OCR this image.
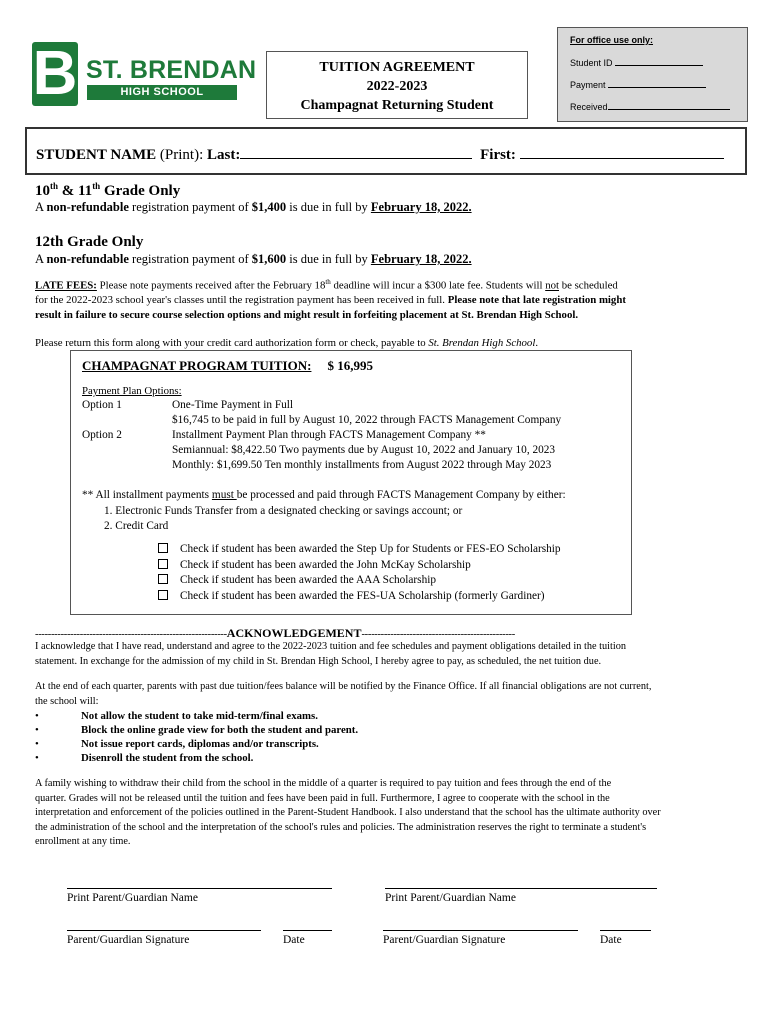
B ST. BRENDAN
HIGH SCHOOL
TUITION AGREEMENT
2022-2023
Champagnat Returning Student
For office use only:
Student ID
Payment
Received
STUDENT NAME (Print): Last:	First:
10th & 11th Grade Only
A non-refundable registration payment of $1,400 is due in full by February 18, 2022.
12th Grade Only
A non-refundable registration payment of $1,600 is due in full by February 18, 2022.
LATE FEES: Please note payments received after the February 18th deadline will incur a $300 late fee. Students will not be scheduled
for the 2022-2023 school year's classes until the registration payment has been received in full. Please note that late registration might
result in failure to secure course selection options and might result in forfeiting placement at St. Brendan High School.
Please return this form along with your credit card authorization form or check, payable to St. Brendan High School.
CHAMPAGNAT PROGRAM TUITION: $ 16,995
Payment Plan Options:
Option 1	One-Time Payment in Full
$16,745 to be paid in full by August 10, 2022 through FACTS Management Company
Option 2	Installment Payment Plan through FACTS Management Company **
Semiannual: $8,422.50 Two payments due by August 10, 2022 and January 10, 2023
Monthly: $1,699.50 Ten monthly installments from August 2022 through May 2023
** All installment payments must be processed and paid through FACTS Management Company by either:
1. Electronic Funds Transfer from a designated checking or savings account; or
2. Credit Card
Check if student has been awarded the Step Up for Students or FES-EO Scholarship
Check if student has been awarded the John McKay Scholarship
Check if student has been awarded the AAA Scholarship
Check if student has been awarded the FES-UA Scholarship (formerly Gardiner)
------------------------------------------------------------ACKNOWLEDGEMENT------------------------------------------------
I acknowledge that I have read, understand and agree to the 2022-2023 tuition and fee schedules and payment obligations detailed in the tuition
statement. In exchange for the admission of my child in St. Brendan High School, I hereby agree to pay, as scheduled, the net tuition due.
At the end of each quarter, parents with past due tuition/fees balance will be notified by the Finance Office. If all financial obligations are not current,
the school will:
•	Not allow the student to take mid-term/final exams.
•	Block the online grade view for both the student and parent.
•	Not issue report cards, diplomas and/or transcripts.
•	Disenroll the student from the school.
A family wishing to withdraw their child from the school in the middle of a quarter is required to pay tuition and fees through the end of the
quarter. Grades will not be released until the tuition and fees have been paid in full. Furthermore, I agree to cooperate with the school in the
interpretation and enforcement of the policies outlined in the Parent-Student Handbook. I also understand that the school has the ultimate authority over
the administration of the school and the interpretation of the school's rules and policies. The administration reserves the right to terminate a student's
enrollment at any time.
Print Parent/Guardian Name	Print Parent/Guardian Name
Parent/Guardian Signature	Date	Parent/Guardian Signature	Date
